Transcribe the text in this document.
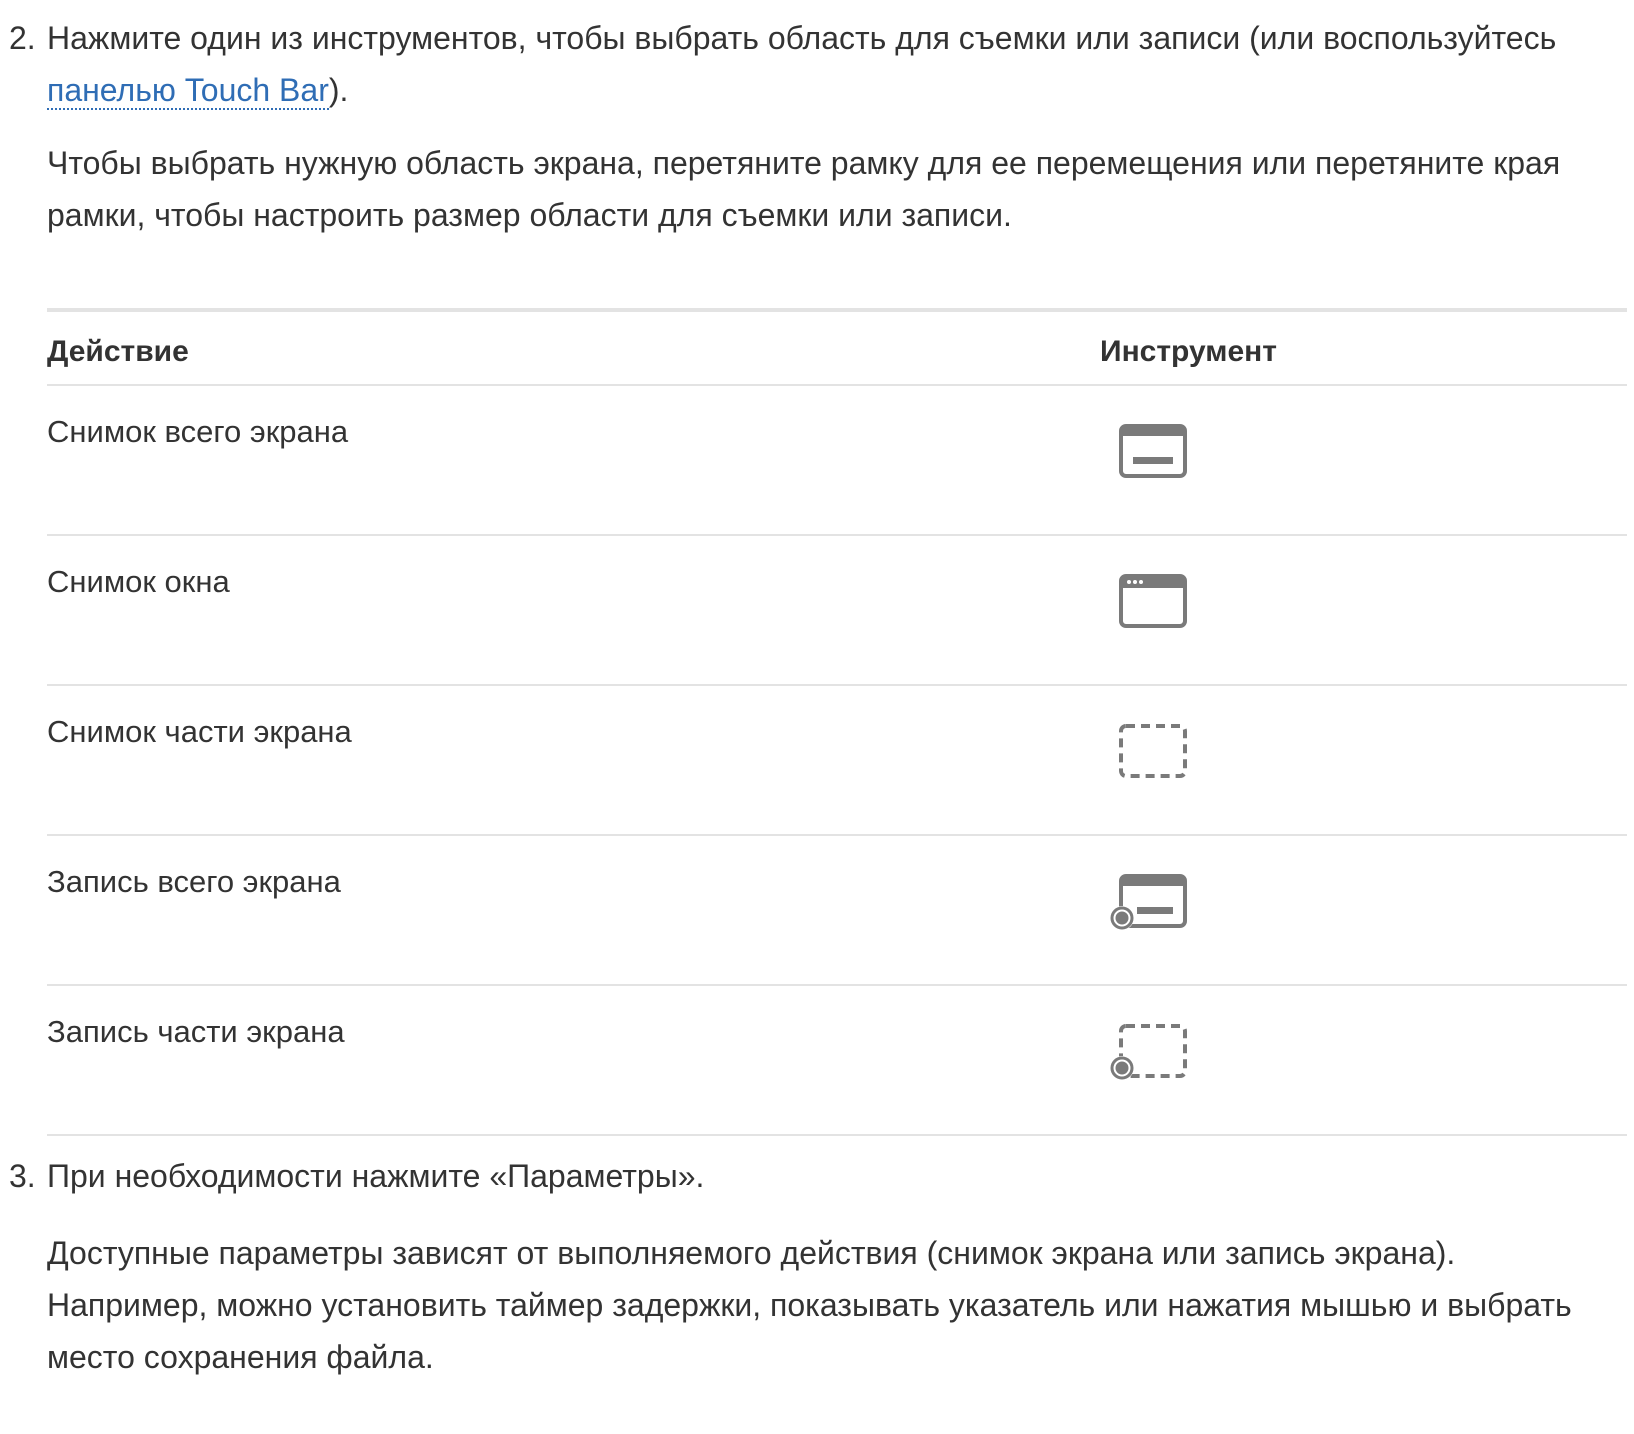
2. Нажмите один из инструментов, чтобы выбрать область для съемки или записи (или воспользуйтесь панелью Touch Bar).

Чтобы выбрать нужную область экрана, перетяните рамку для ее перемещения или перетяните края рамки, чтобы настроить размер области для съемки или записи.

Действие	Инструмент
Снимок всего экрана
Снимок окна
Снимок части экрана
Запись всего экрана
Запись части экрана
3. При необходимости нажмите «Параметры».

Доступные параметры зависят от выполняемого действия (снимок экрана или запись экрана). Например, можно установить таймер задержки, показывать указатель или нажатия мышью и выбрать место сохранения файла.
